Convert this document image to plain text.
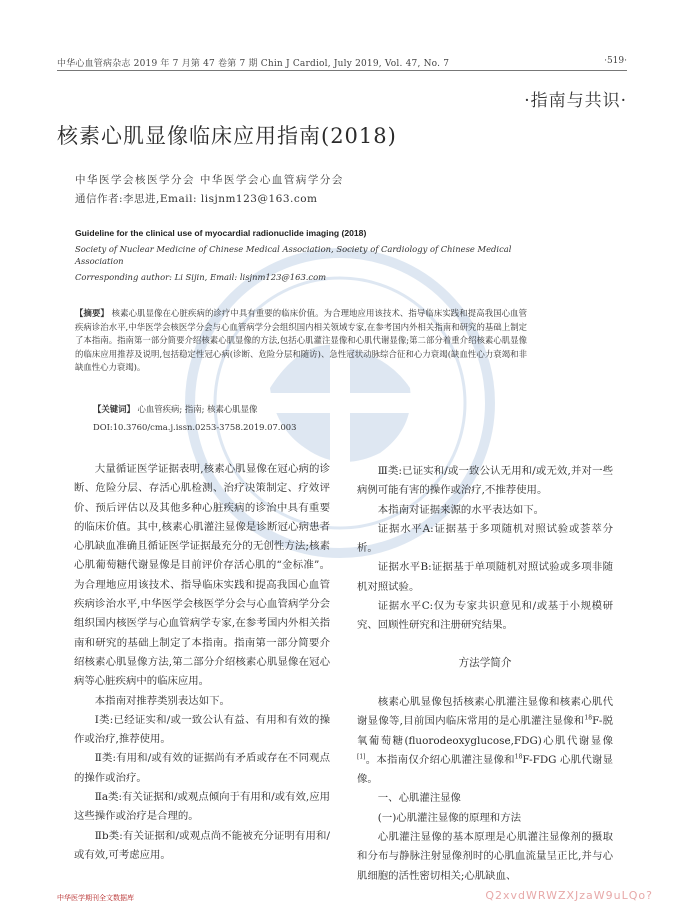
中华心血管病杂志 2019 年 7 月第 47 卷第 7 期 Chin J Cardiol, July 2019, Vol. 47, No. 7	·519·
·指南与共识·
核素心肌显像临床应用指南(2018)
中华医学会核医学分会 中华医学会心血管病学分会
通信作者:李思进,Email: lisjnm123@163.com
Guideline for the clinical use of myocardial radionuclide imaging (2018)
Society of Nuclear Medicine of Chinese Medical Association, Society of Cardiology of Chinese Medical Association
Corresponding author: Li Sijin, Email: lisjnm123@163.com
【摘要】 核素心肌显像在心脏疾病的诊疗中具有重要的临床价值。为合理地应用该技术、指导临床实践和提高我国心血管疾病诊治水平,中华医学会核医学分会与心血管病学分会组织国内相关领域专家,在参考国内外相关指南和研究的基础上制定了本指南。指南第一部分简要介绍核素心肌显像的方法,包括心肌灌注显像和心肌代谢显像;第二部分着重介绍核素心肌显像的临床应用推荐及说明,包括稳定性冠心病(诊断、危险分层和随访)、急性冠状动脉综合征和心力衰竭(缺血性心力衰竭和非缺血性心力衰竭)。
【关键词】 心血管疾病; 指南; 核素心肌显像
DOI:10.3760/cma.j.issn.0253-3758.2019.07.003

大量循证医学证据表明,核素心肌显像在冠心病的诊断、危险分层、存活心肌检测、治疗决策制定、疗效评价、预后评估以及其他多种心脏疾病的诊治中具有重要的临床价值。其中,核素心肌灌注显像是诊断冠心病患者心肌缺血准确且循证医学证据最充分的无创性方法;核素心肌葡萄糖代谢显像是目前评价存活心肌的“金标准”。为合理地应用该技术、指导临床实践和提高我国心血管疾病诊治水平,中华医学会核医学分会与心血管病学分会组织国内核医学与心血管病学专家,在参考国内外相关指南和研究的基础上制定了本指南。指南第一部分简要介绍核素心肌显像方法,第二部分介绍核素心肌显像在冠心病等心脏疾病中的临床应用。

本指南对推荐类别表达如下。

Ⅰ类:已经证实和/或一致公认有益、有用和有效的操作或治疗,推荐使用。

Ⅱ类:有用和/或有效的证据尚有矛盾或存在不同观点的操作或治疗。

Ⅱa类:有关证据和/或观点倾向于有用和/或有效,应用这些操作或治疗是合理的。

Ⅱb类:有关证据和/或观点尚不能被充分证明有用和/或有效,可考虑应用。

Ⅲ类:已证实和/或一致公认无用和/或无效,并对一些病例可能有害的操作或治疗,不推荐使用。

本指南对证据来源的水平表达如下。

证据水平A:证据基于多项随机对照试验或荟萃分析。

证据水平B:证据基于单项随机对照试验或多项非随机对照试验。

证据水平C:仅为专家共识意见和/或基于小规模研究、回顾性研究和注册研究结果。

方法学简介

核素心肌显像包括核素心肌灌注显像和核素心肌代谢显像等,目前国内临床常用的是心肌灌注显像和$^{18}$F-脱氧葡萄糖(fluorodeoxyglucose,FDG)心肌代谢显像[1]。本指南仅介绍心肌灌注显像和$^{18}$F-FDG 心肌代谢显像。

一、心肌灌注显像

(一)心肌灌注显像的原理和方法

心肌灌注显像的基本原理是心肌灌注显像剂的摄取和分布与静脉注射显像剂时的心肌血流量呈正比,并与心肌细胞的活性密切相关;心肌缺血、

中华医学期刊全文数据库	Q2xvdWRWZXJzaW9uLQo?
